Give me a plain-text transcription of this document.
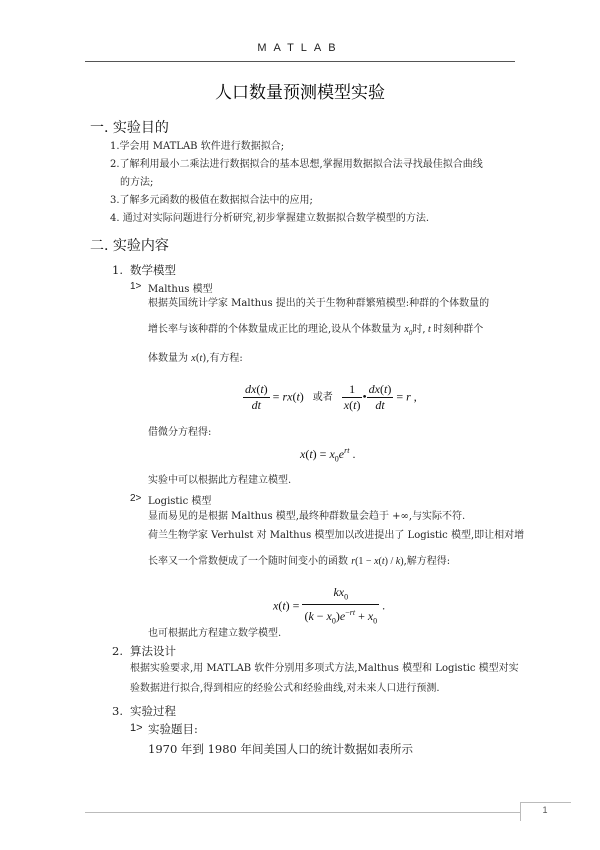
MATLAB
人口数量预测模型实验
一. 实验目的
1.学会用 MATLAB 软件进行数据拟合;
2.了解利用最小二乘法进行数据拟合的基本思想,掌握用数据拟合法寻找最佳拟合曲线
的方法;
3.了解多元函数的极值在数据拟合法中的应用;
4. 通过对实际问题进行分析研究,初步掌握建立数据拟合数学模型的方法.
二. 实验内容
1. 数学模型
1> Malthus 模型
根据英国统计学家 Malthus 提出的关于生物种群繁殖模型:种群的个体数量的
增长率与该种群的个体数量成正比的理论,设从个体数量为 $x_0$时, t 时刻种群个
体数量为 x(t),有方程:
$\frac{dx(t)}{dt} = rx(t)$ 或者 $\frac{1}{x(t)}$ • $\frac{dx(t)}{dt} = r$ ,
借微分方程得:
$x(t) = x_0e^{rt}$ .
实验中可以根据此方程建立模型.
2> Logistic 模型
显而易见的是根据 Malthus 模型,最终种群数量会趋于 +∞,与实际不符.
荷兰生物学家 Verhulst 对 Malthus 模型加以改进提出了 Logistic 模型,即让相对增
长率又一个常数便成了一个随时间变小的函数 r(1 − x(t) / k),解方程得:
$x(t) = \frac{kx_0}{(k - x_0)e^{-rt} + x_0}$ .
也可根据此方程建立数学模型.
2. 算法设计
根据实验要求,用 MATLAB 软件分别用多项式方法,Malthus 模型和 Logistic 模型对实
验数据进行拟合,得到相应的经验公式和经验曲线,对未来人口进行预测.
3. 实验过程
1> 实验题目:
1970 年到 1980 年间美国人口的统计数据如表所示
1
